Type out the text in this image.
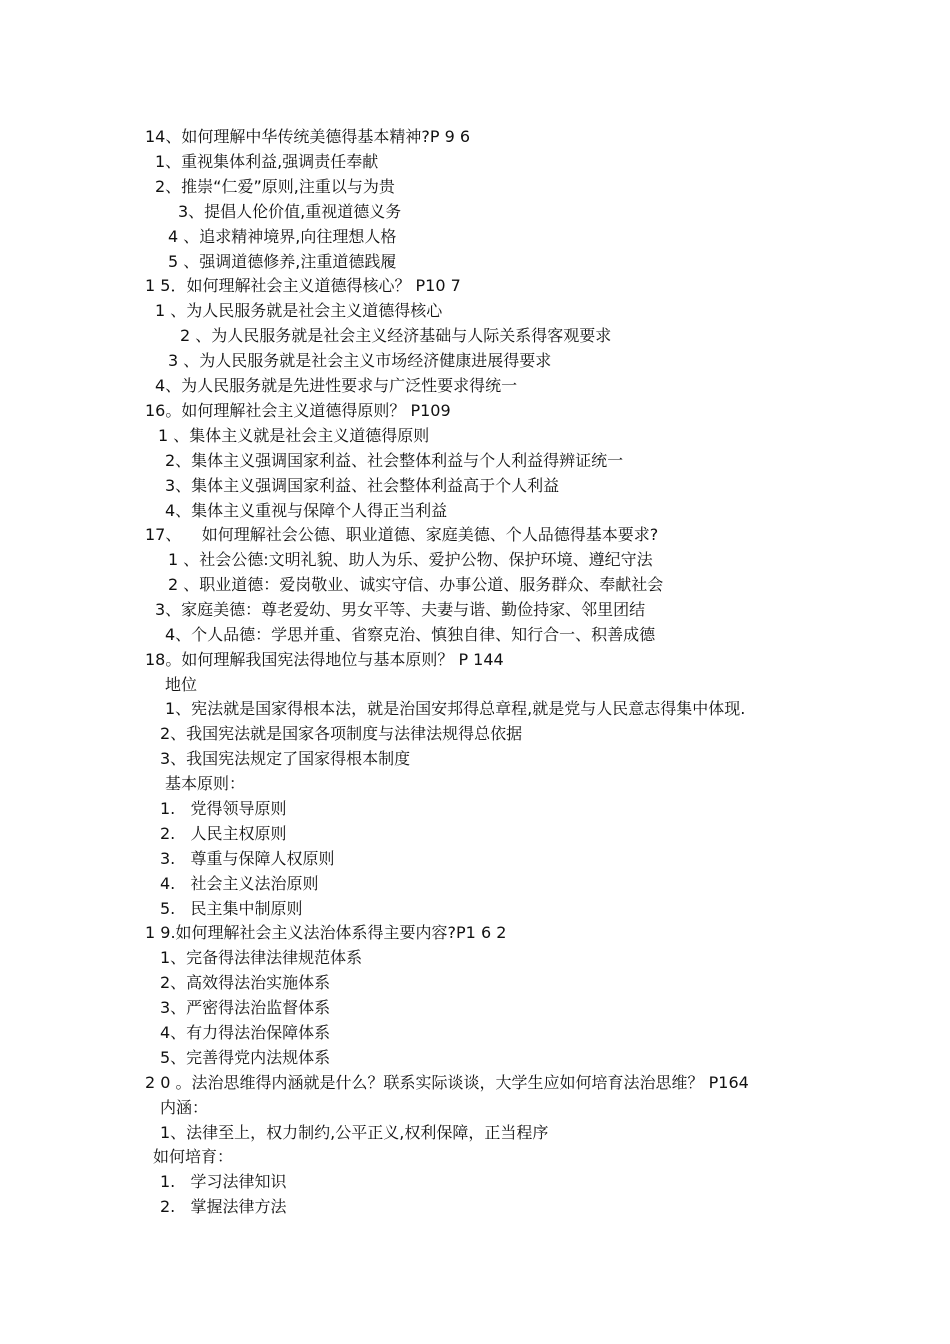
14、如何理解中华传统美德得基本精神?P 9 6
1、重视集体利益,强调责任奉献
2、推崇“仁爱”原则,注重以与为贵
3、提倡人伦价值,重视道德义务
4 、追求精神境界,向往理想人格
5 、强调道德修养,注重道德践履
1 5．如何理解社会主义道德得核心？ P10 7
1 、为人民服务就是社会主义道德得核心
2 、为人民服务就是社会主义经济基础与人际关系得客观要求
3 、为人民服务就是社会主义市场经济健康进展得要求
4、为人民服务就是先进性要求与广泛性要求得统一
16。如何理解社会主义道德得原则？ P109
1 、集体主义就是社会主义道德得原则
2、集体主义强调国家利益、社会整体利益与个人利益得辨证统一
3、集体主义强调国家利益、社会整体利益高于个人利益
4、集体主义重视与保障个人得正当利益
17、    如何理解社会公德、职业道德、家庭美德、个人品德得基本要求?
1 、社会公德:文明礼貌、助人为乐、爱护公物、保护环境、遵纪守法
2 、职业道德：爱岗敬业、诚实守信、办事公道、服务群众、奉献社会
3、家庭美德：尊老爱幼、男女平等、夫妻与谐、勤俭持家、邻里团结
4、个人品德：学思并重、省察克治、慎独自律、知行合一、积善成德
18。如何理解我国宪法得地位与基本原则？ P 144
地位
1、宪法就是国家得根本法，就是治国安邦得总章程,就是党与人民意志得集中体现.
2、我国宪法就是国家各项制度与法律法规得总依据
3、我国宪法规定了国家得根本制度
基本原则：
1.   党得领导原则
2.   人民主权原则
3.   尊重与保障人权原则
4.   社会主义法治原则
5.   民主集中制原则
1 9.如何理解社会主义法治体系得主要内容?P1 6 2
1、完备得法律法律规范体系
2、高效得法治实施体系
3、严密得法治监督体系
4、有力得法治保障体系
5、完善得党内法规体系
2 0 。法治思维得内涵就是什么？联系实际谈谈，大学生应如何培育法治思维？ P164
内涵：
1、法律至上，权力制约,公平正义,权利保障，正当程序
如何培育：
1.   学习法律知识
2.   掌握法律方法
